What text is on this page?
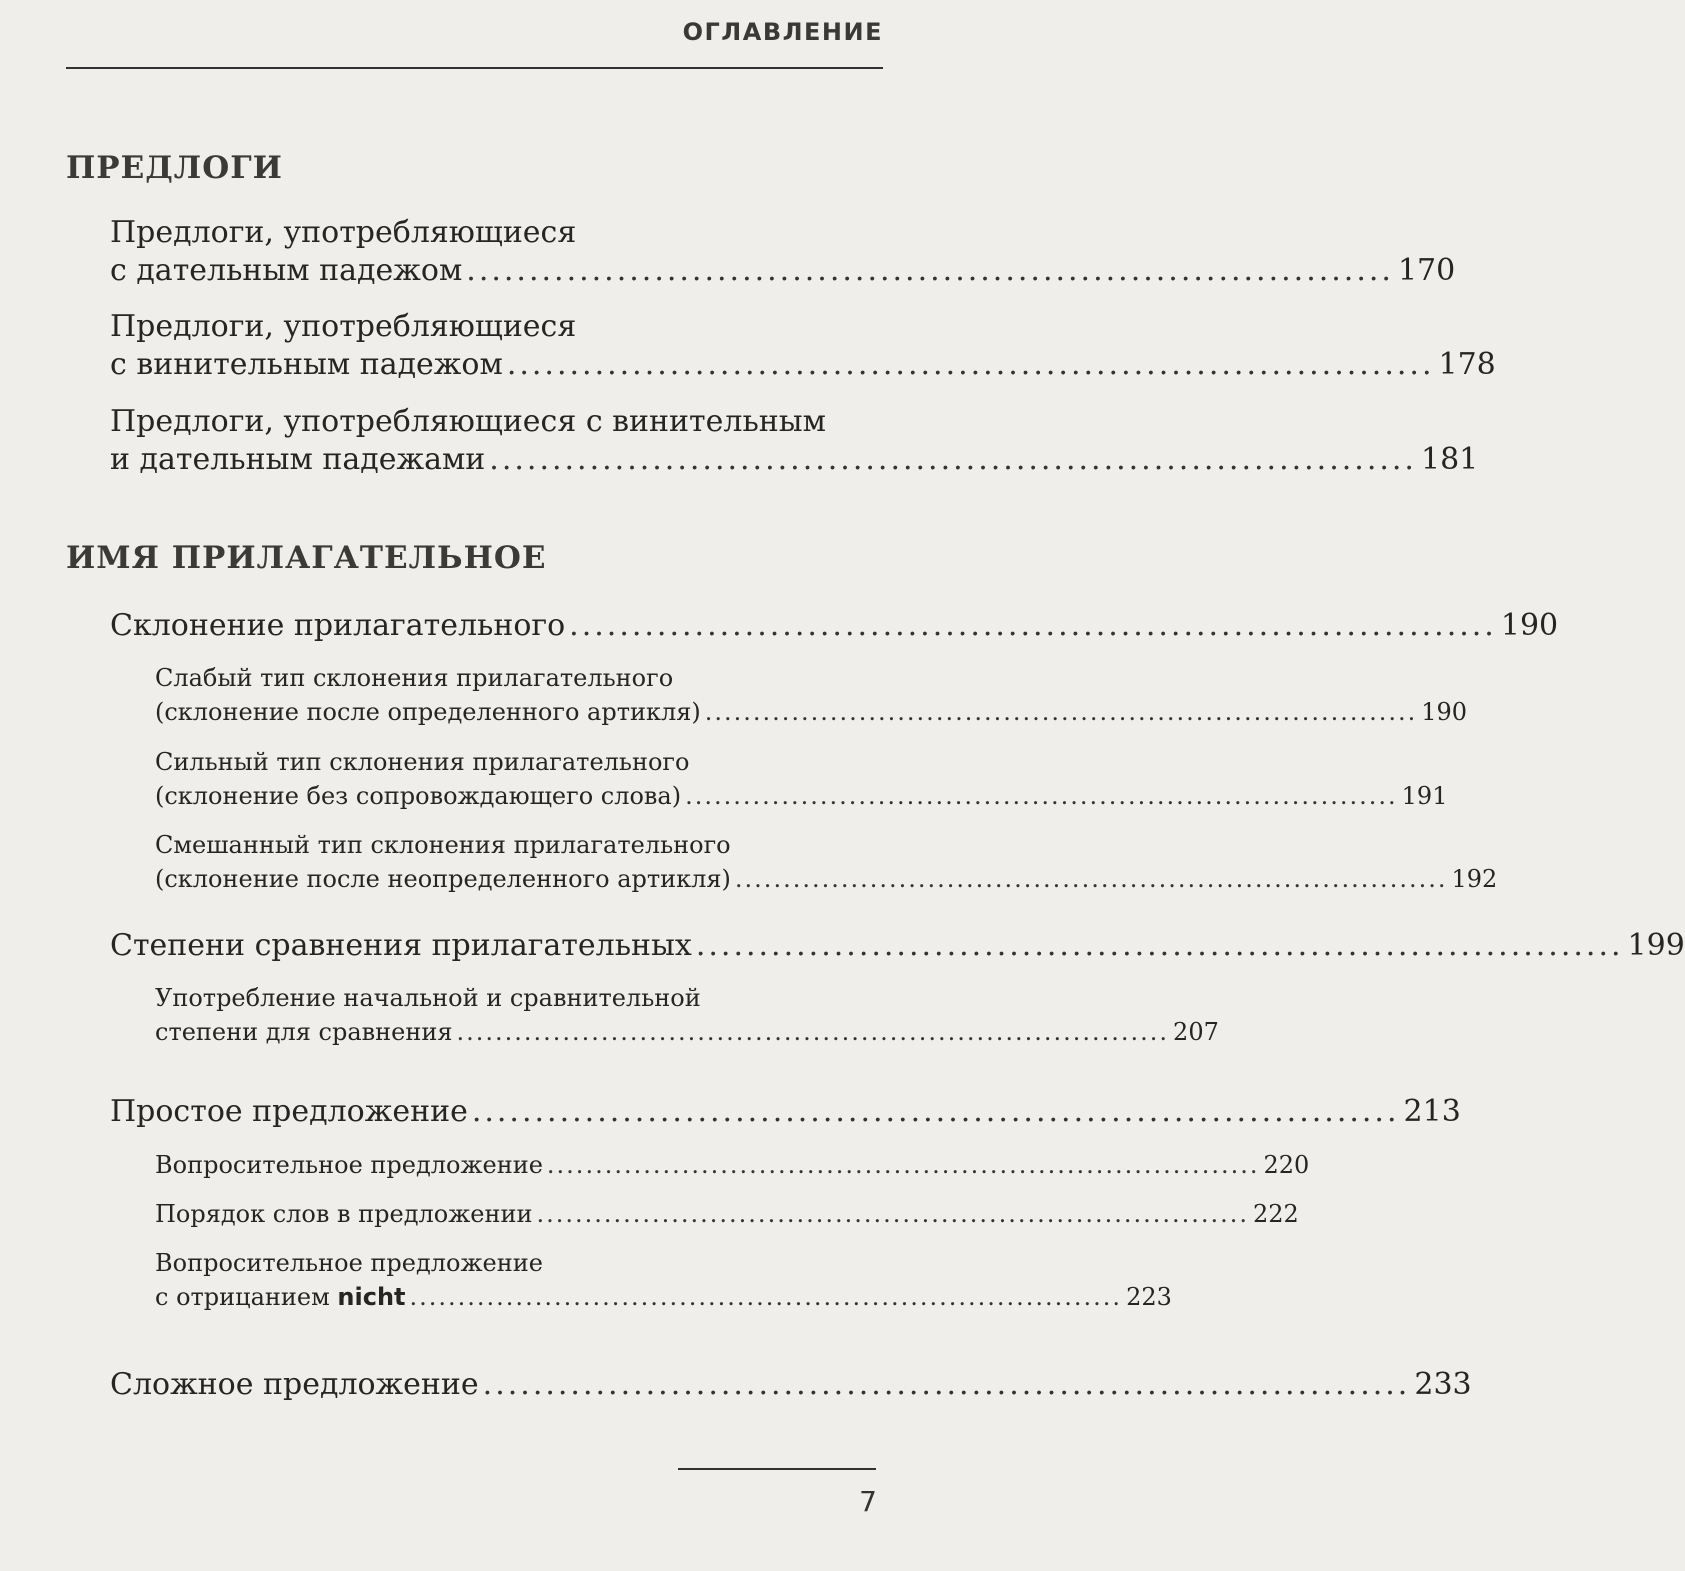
ОГЛАВЛЕНИЕ
ПРЕДЛОГИ
Предлоги, употребляющиеся
с дательным падежом .......................................................................... 170
Предлоги, употребляющиеся
с винительным падежом .......................................................................... 178
Предлоги, употребляющиеся с винительным
и дательным падежами .......................................................................... 181
ИМЯ ПРИЛАГАТЕЛЬНОЕ
Склонение прилагательного .......................................................................... 190
Слабый тип склонения прилагательного
(склонение после определенного артикля) .......................................................................... 190
Сильный тип склонения прилагательного
(склонение без сопровождающего слова) .......................................................................... 191
Смешанный тип склонения прилагательного
(склонение после неопределенного артикля) .......................................................................... 192
Степени сравнения прилагательных .......................................................................... 199
Употребление начальной и сравнительной
степени для сравнения .......................................................................... 207
Простое предложение .......................................................................... 213
Вопросительное предложение .......................................................................... 220
Порядок слов в предложении .......................................................................... 222
Вопросительное предложение
с отрицанием nicht .......................................................................... 223
Сложное предложение .......................................................................... 233
7
